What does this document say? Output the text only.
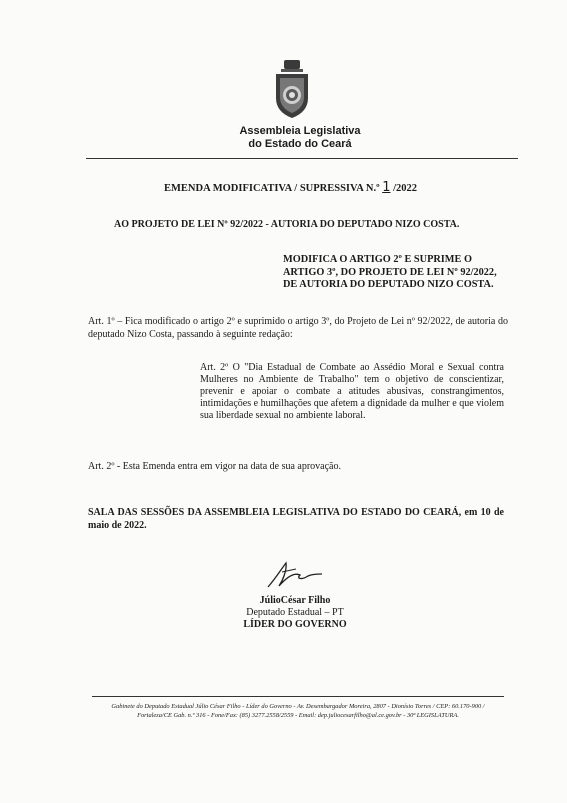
Assembleia Legislativa
do Estado do Ceará
EMENDA MODIFICATIVA / SUPRESSIVA N.º 1 /2022
AO PROJETO DE LEI Nº 92/2022 - AUTORIA DO DEPUTADO NIZO COSTA.
MODIFICA O ARTIGO 2º E SUPRIME O
ARTIGO 3º, DO PROJETO DE LEI Nº 92/2022,
DE AUTORIA DO DEPUTADO NIZO COSTA.
Art. 1º – Fica modificado o artigo 2º e suprimido o artigo 3º, do Projeto de Lei nº 92/2022, de autoria do deputado Nizo Costa, passando à seguinte redação:
Art. 2º O "Dia Estadual de Combate ao Assédio Moral e Sexual contra Mulheres no Ambiente de Trabalho" tem o objetivo de conscientizar, prevenir e apoiar o combate a atitudes abusivas, constrangimentos, intimidações e humilhações que afetem a dignidade da mulher e que violem sua liberdade sexual no ambiente laboral.
Art. 2º - Esta Emenda entra em vigor na data de sua aprovação.
SALA DAS SESSÕES DA ASSEMBLEIA LEGISLATIVA DO ESTADO DO CEARÁ, em 10 de maio de 2022.
JúlioCésar Filho
Deputado Estadual – PT
LÍDER DO GOVERNO
Gabinete do Deputado Estadual Júlio César Filho - Líder do Governo - Av. Desembargador Moreira, 2807 - Dionísio Torres / CEP: 60.170-900 /
Fortaleza/CE Gab. n.º 316 - Fone/Fax: (85) 3277.2558/2559 - Email: dep.juliocesarfilho@al.ce.gov.br - 30ª LEGISLATURA.
